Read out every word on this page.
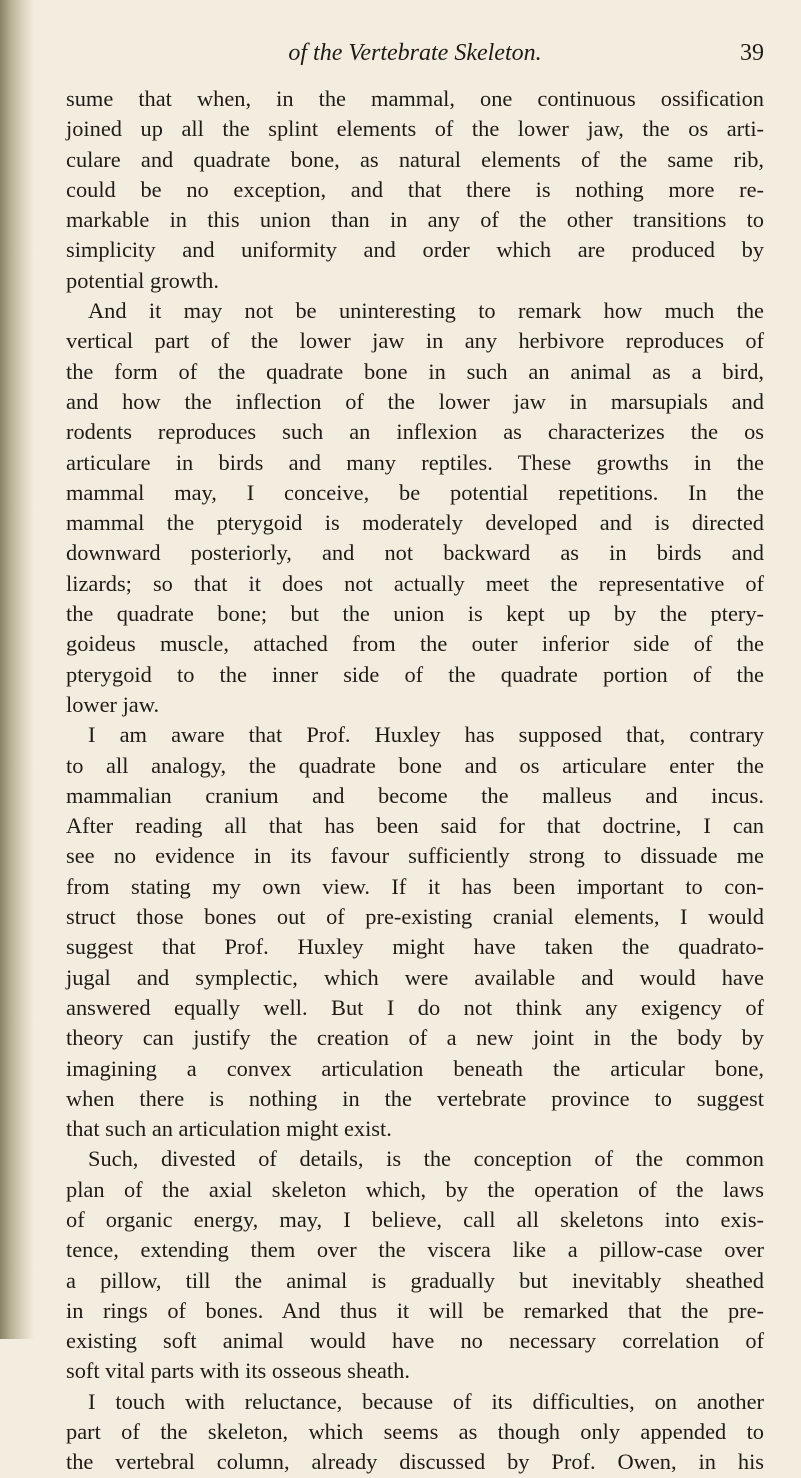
of the Vertebrate Skeleton.	39
sume that when, in the mammal, one continuous ossification
joined up all the splint elements of the lower jaw, the os arti-
culare and quadrate bone, as natural elements of the same rib,
could be no exception, and that there is nothing more re-
markable in this union than in any of the other transitions to
simplicity and uniformity and order which are produced by
potential growth.
And it may not be uninteresting to remark how much the
vertical part of the lower jaw in any herbivore reproduces of
the form of the quadrate bone in such an animal as a bird,
and how the inflection of the lower jaw in marsupials and
rodents reproduces such an inflexion as characterizes the os
articulare in birds and many reptiles. These growths in the
mammal may, I conceive, be potential repetitions. In the
mammal the pterygoid is moderately developed and is directed
downward posteriorly, and not backward as in birds and
lizards; so that it does not actually meet the representative of
the quadrate bone; but the union is kept up by the ptery-
goideus muscle, attached from the outer inferior side of the
pterygoid to the inner side of the quadrate portion of the
lower jaw.
I am aware that Prof. Huxley has supposed that, contrary
to all analogy, the quadrate bone and os articulare enter the
mammalian cranium and become the malleus and incus.
After reading all that has been said for that doctrine, I can
see no evidence in its favour sufficiently strong to dissuade me
from stating my own view. If it has been important to con-
struct those bones out of pre-existing cranial elements, I would
suggest that Prof. Huxley might have taken the quadrato-
jugal and symplectic, which were available and would have
answered equally well. But I do not think any exigency of
theory can justify the creation of a new joint in the body by
imagining a convex articulation beneath the articular bone,
when there is nothing in the vertebrate province to suggest
that such an articulation might exist.
Such, divested of details, is the conception of the common
plan of the axial skeleton which, by the operation of the laws
of organic energy, may, I believe, call all skeletons into exis-
tence, extending them over the viscera like a pillow-case over
a pillow, till the animal is gradually but inevitably sheathed
in rings of bones. And thus it will be remarked that the pre-
existing soft animal would have no necessary correlation of
soft vital parts with its osseous sheath.
I touch with reluctance, because of its difficulties, on another
part of the skeleton, which seems as though only appended to
the vertebral column, already discussed by Prof. Owen, in his
